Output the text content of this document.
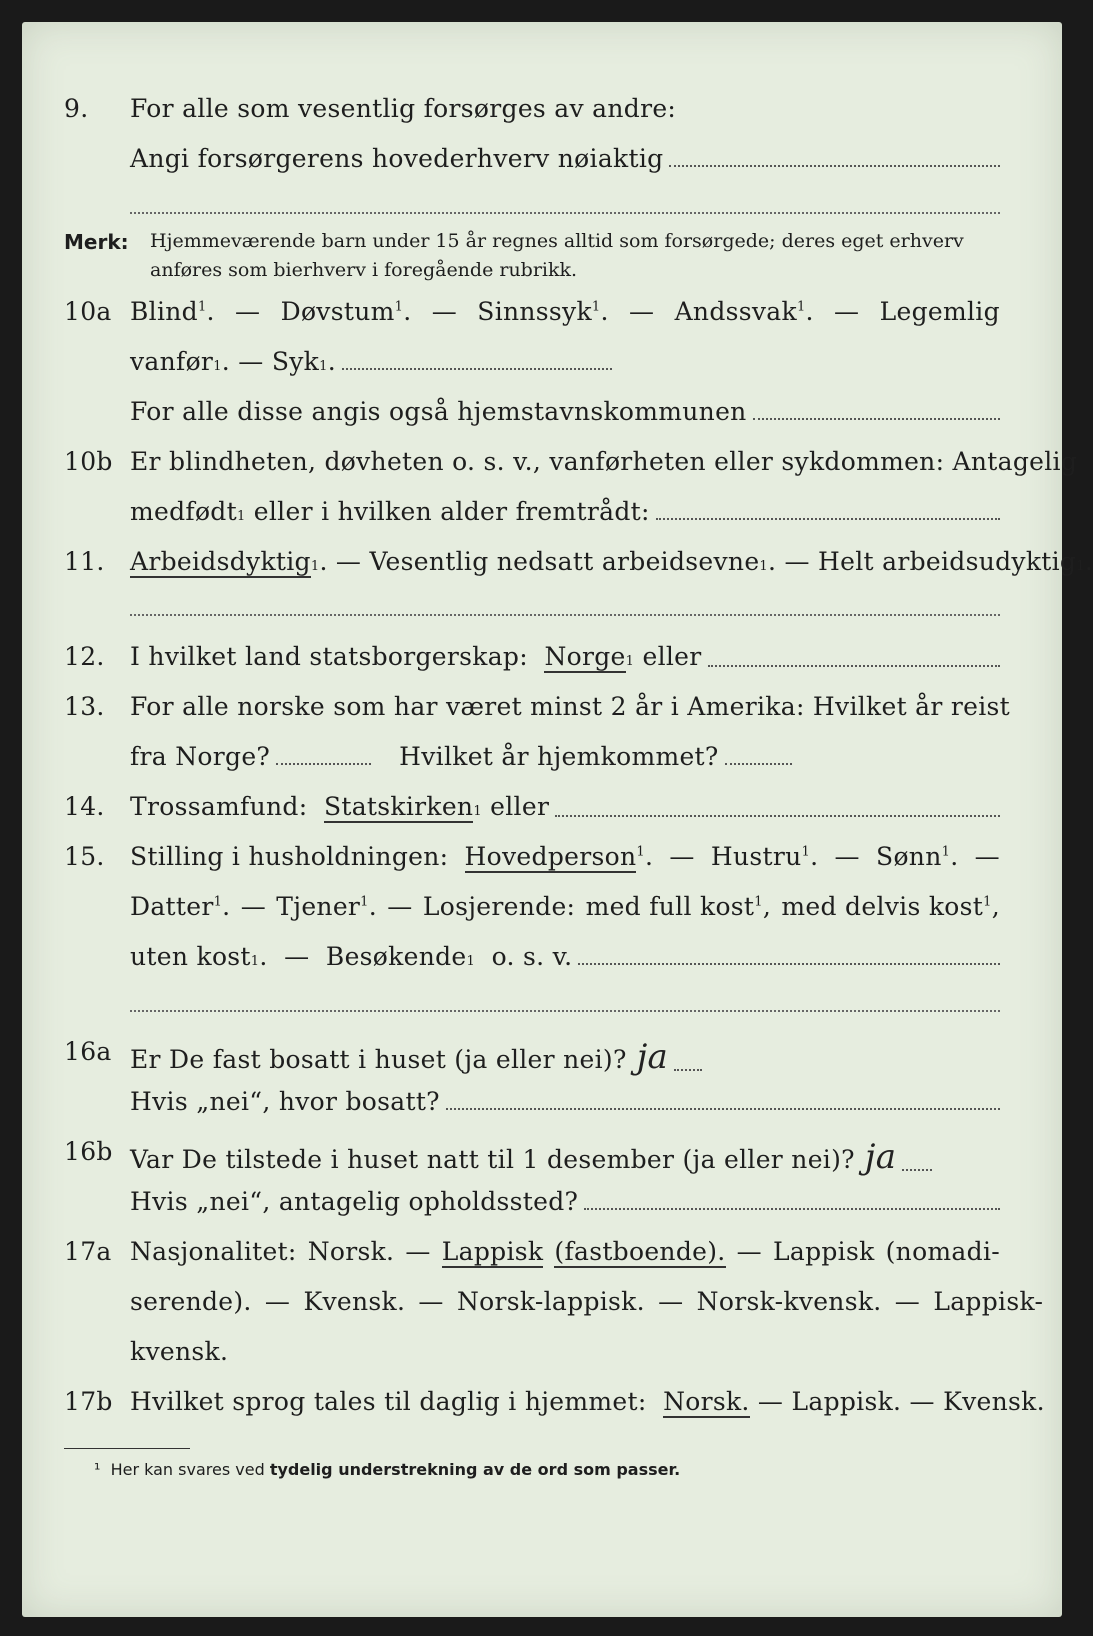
9. For alle som vesentlig forsørges av andre:
Angi forsørgerens hovederhverv nøiaktig
Merk: Hjemmeværende barn under 15 år regnes alltid som forsørgede; deres eget erhverv anføres som bierhverv i foregående rubrikk.
10a Blind$^1$. — Døvstum$^1$. — Sinnssyk$^1$. — Andssvak$^1$. — Legemlig
vanfør 1 . — Syk 1 .
For alle disse angis også hjemstavnskommunen
10b Er blindheten, døvheten o. s. v., vanførheten eller sykdommen: Antagelig
medfødt 1
eller i hvilken alder fremtrådt:
11. Arbeidsdyktig 1 . — Vesentlig nedsatt arbeidsevne 1 . — Helt arbeidsudyktig 1 .
12. I hvilket land statsborgerskap:
Norge 1
eller
13. For alle norske som har været minst 2 år i Amerika: Hvilket år reist
fra Norge?	Hvilket år hjemkommet?
14. Trossamfund:
Statskirken 1
eller
15. Stilling i husholdningen: Hovedperson$^1$. — Hustru$^1$. — Sønn$^1$. —
Datter$^1$. — Tjener$^1$. — Losjerende: med full kost$^1$, med delvis kost$^1$,
uten kost 1 .  — Besøkende 1
o. s. v.
16a Er De fast bosatt i huset (ja eller nei)? ja
Hvis „nei“, hvor bosatt?
16b Var De tilstede i huset natt til 1 desember (ja eller nei)? ja
Hvis „nei“, antagelig opholdssted?
17a Nasjonalitet: Norsk. — Lappisk (fastboende). — Lappisk (nomadi-
serende). — Kvensk. — Norsk-lappisk. — Norsk-kvensk. — Lappisk-
kvensk.
17b Hvilket sprog tales til daglig i hjemmet:
Norsk.
— Lappisk. — Kvensk.
¹ Her kan svares ved tydelig understrekning av de ord som passer.
